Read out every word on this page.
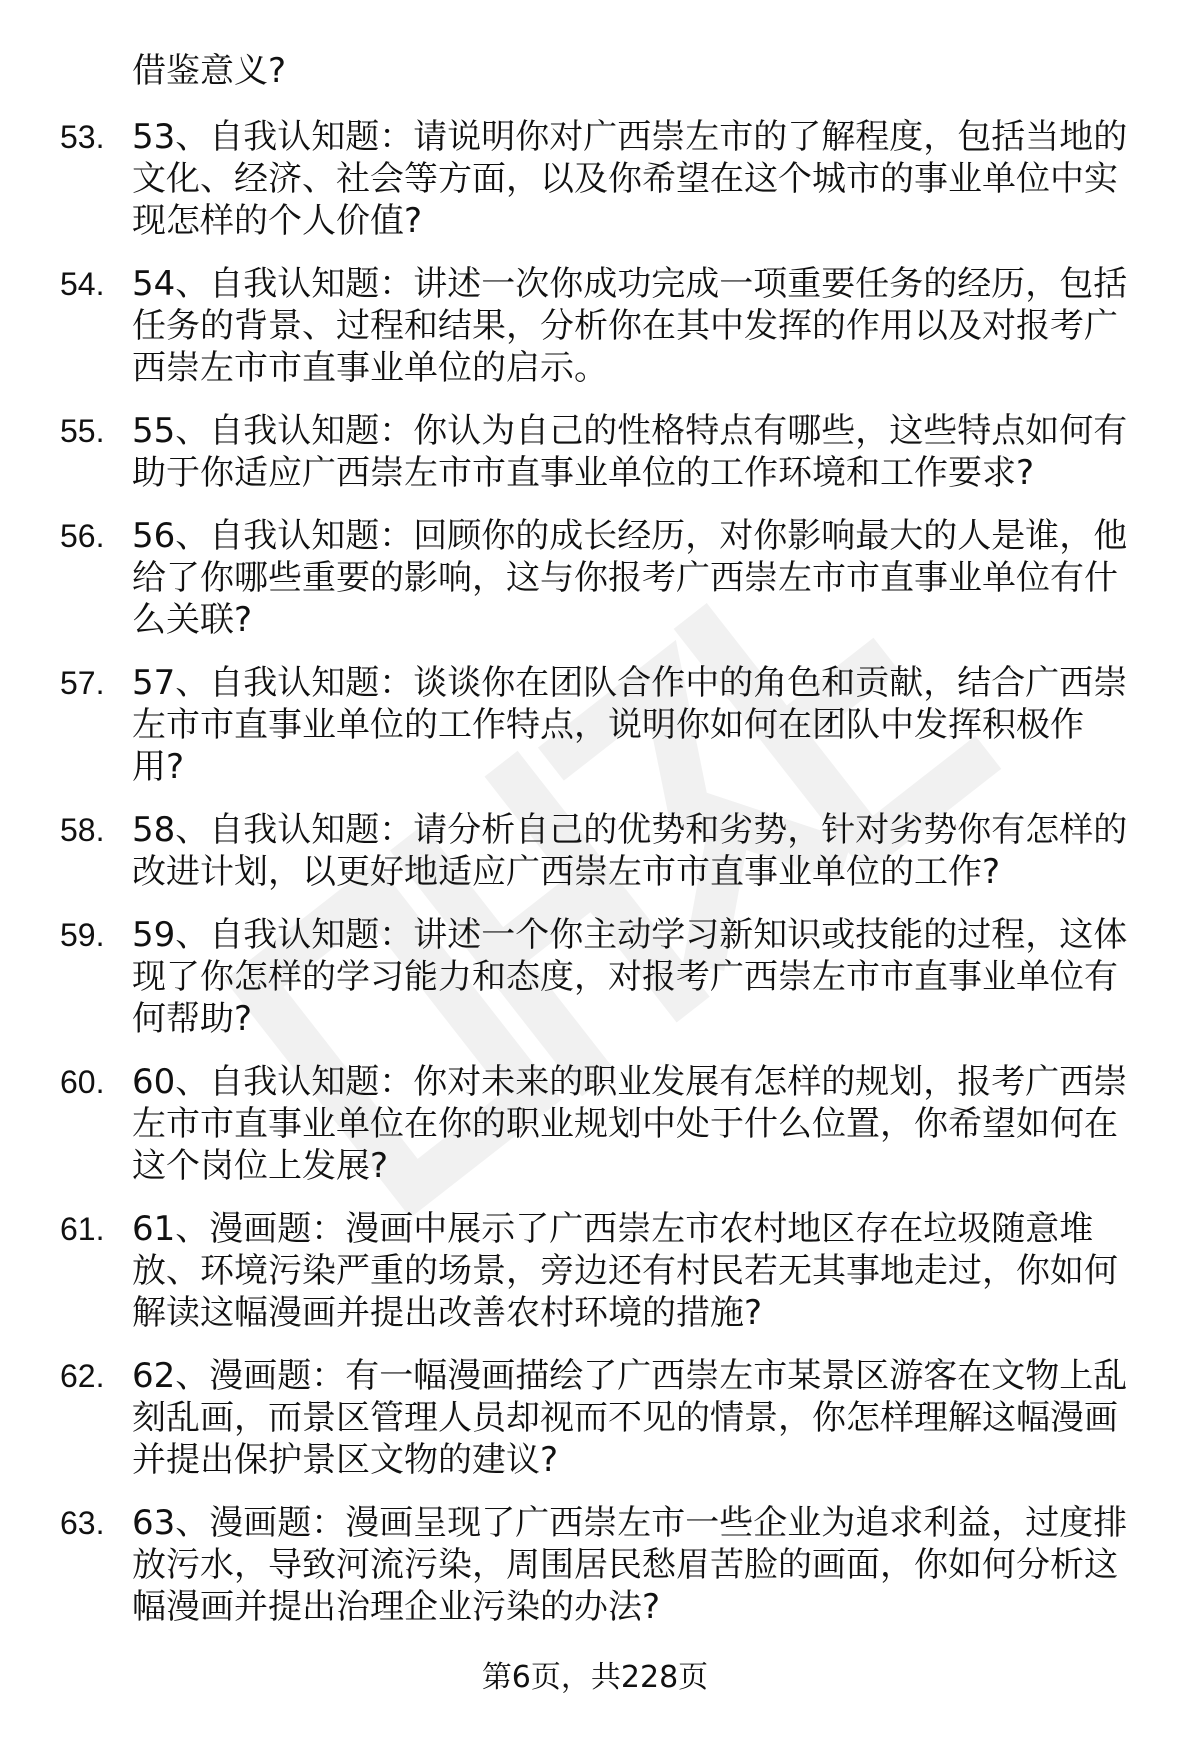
借鉴意义?
53. 53、自我认知题：请说明你对广西崇左市的了解程度，包括当地的文化、经济、社会等方面，以及你希望在这个城市的事业单位中实现怎样的个人价值?
54. 54、自我认知题：讲述一次你成功完成一项重要任务的经历，包括任务的背景、过程和结果，分析你在其中发挥的作用以及对报考广西崇左市市直事业单位的启示。
55. 55、自我认知题：你认为自己的性格特点有哪些，这些特点如何有助于你适应广西崇左市市直事业单位的工作环境和工作要求?
56. 56、自我认知题：回顾你的成长经历，对你影响最大的人是谁，他给了你哪些重要的影响，这与你报考广西崇左市市直事业单位有什么关联?
57. 57、自我认知题：谈谈你在团队合作中的角色和贡献，结合广西崇左市市直事业单位的工作特点，说明你如何在团队中发挥积极作用?
58. 58、自我认知题：请分析自己的优势和劣势，针对劣势你有怎样的改进计划，以更好地适应广西崇左市市直事业单位的工作?
59. 59、自我认知题：讲述一个你主动学习新知识或技能的过程，这体现了你怎样的学习能力和态度，对报考广西崇左市市直事业单位有何帮助?
60. 60、自我认知题：你对未来的职业发展有怎样的规划，报考广西崇左市市直事业单位在你的职业规划中处于什么位置，你希望如何在这个岗位上发展?
61. 61、漫画题：漫画中展示了广西崇左市农村地区存在垃圾随意堆放、环境污染严重的场景，旁边还有村民若无其事地走过，你如何解读这幅漫画并提出改善农村环境的措施?
62. 62、漫画题：有一幅漫画描绘了广西崇左市某景区游客在文物上乱刻乱画，而景区管理人员却视而不见的情景，你怎样理解这幅漫画并提出保护景区文物的建议?
63. 63、漫画题：漫画呈现了广西崇左市一些企业为追求利益，过度排放污水，导致河流污染，周围居民愁眉苦脸的画面，你如何分析这幅漫画并提出治理企业污染的办法?
第6页，共228页
